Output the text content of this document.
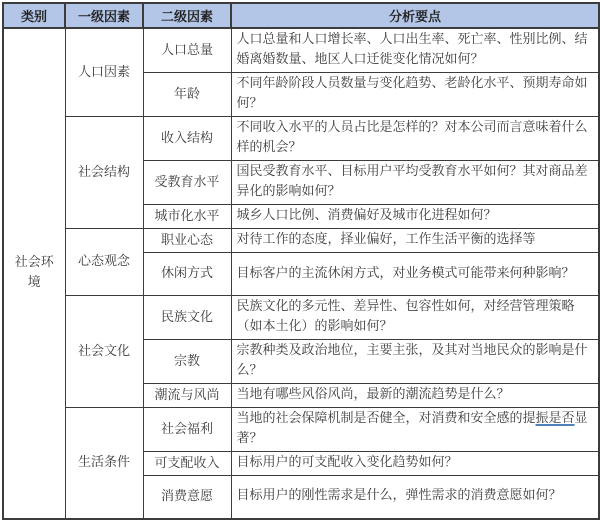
类别	一级因素	二级因素	分析要点

社会环境	人口因素	人口总量	人口总量和人口增长率、人口出生率、死亡率、性别比例、结婚离婚数量、地区人口迁徙变化情况如何？
		年龄	不同年龄阶段人员数量与变化趋势、老龄化水平、预期寿命如何？
	社会结构	收入结构	不同收入水平的人员占比是怎样的？对本公司而言意味着什么样的机会？
		受教育水平	国民受教育水平、目标用户平均受教育水平如何？其对商品差异化的影响如何？
		城市化水平	城乡人口比例、消费偏好及城市化进程如何？
	心态观念	职业心态	对待工作的态度，择业偏好，工作生活平衡的选择等
		休闲方式	目标客户的主流休闲方式，对业务模式可能带来何种影响？
	社会文化	民族文化	民族文化的多元性、差异性、包容性如何，对经营管理策略（如本土化）的影响如何？
		宗教	宗教种类及政治地位，主要主张，及其对当地民众的影响是什么？
		潮流与风尚	当地有哪些风俗风尚，最新的潮流趋势是什么？
	生活条件	社会福利	当地的社会保障机制是否健全，对消费和安全感的提振是否显著？
		可支配收入	目标用户的可支配收入变化趋势如何？
		消费意愿	目标用户的刚性需求是什么，弹性需求的消费意愿如何？
